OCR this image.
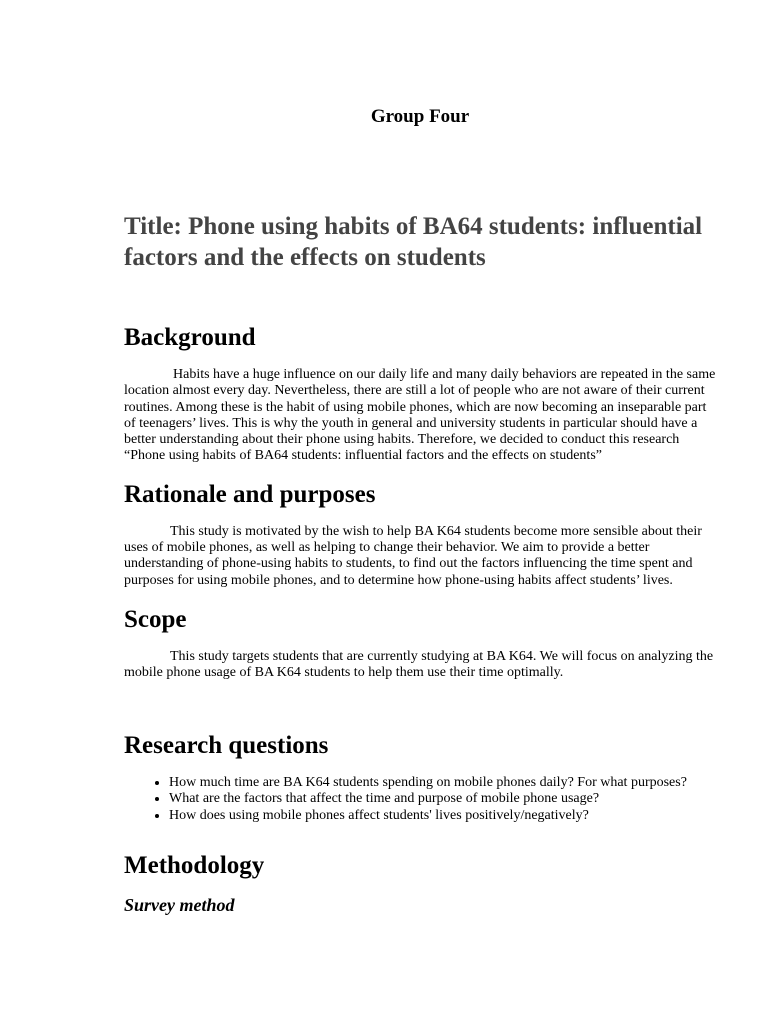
Group Four
Title: Phone using habits of BA64 students: influential factors and the effects on students
Background

Habits have a huge influence on our daily life and many daily behaviors are repeated in the same location almost every day. Nevertheless, there are still a lot of people who are not aware of their current routines. Among these is the habit of using mobile phones, which are now becoming an inseparable part of teenagers’ lives. This is why the youth in general and university students in particular should have a better understanding about their phone using habits. Therefore, we decided to conduct this research “Phone using habits of BA64 students: influential factors and the effects on students”

Rationale and purposes

This study is motivated by the wish to help BA K64 students become more sensible about their uses of mobile phones, as well as helping to change their behavior. We aim to provide a better understanding of phone-using habits to students, to find out the factors influencing the time spent and purposes for using mobile phones, and to determine how phone-using habits affect students’ lives.

Scope

This study targets students that are currently studying at BA K64. We will focus on analyzing the mobile phone usage of BA K64 students to help them use their time optimally.

Research questions
• How much time are BA K64 students spending on mobile phones daily? For what purposes?
• What are the factors that affect the time and purpose of mobile phone usage?
• How does using mobile phones affect students' lives positively/negatively?
Methodology
Survey method
